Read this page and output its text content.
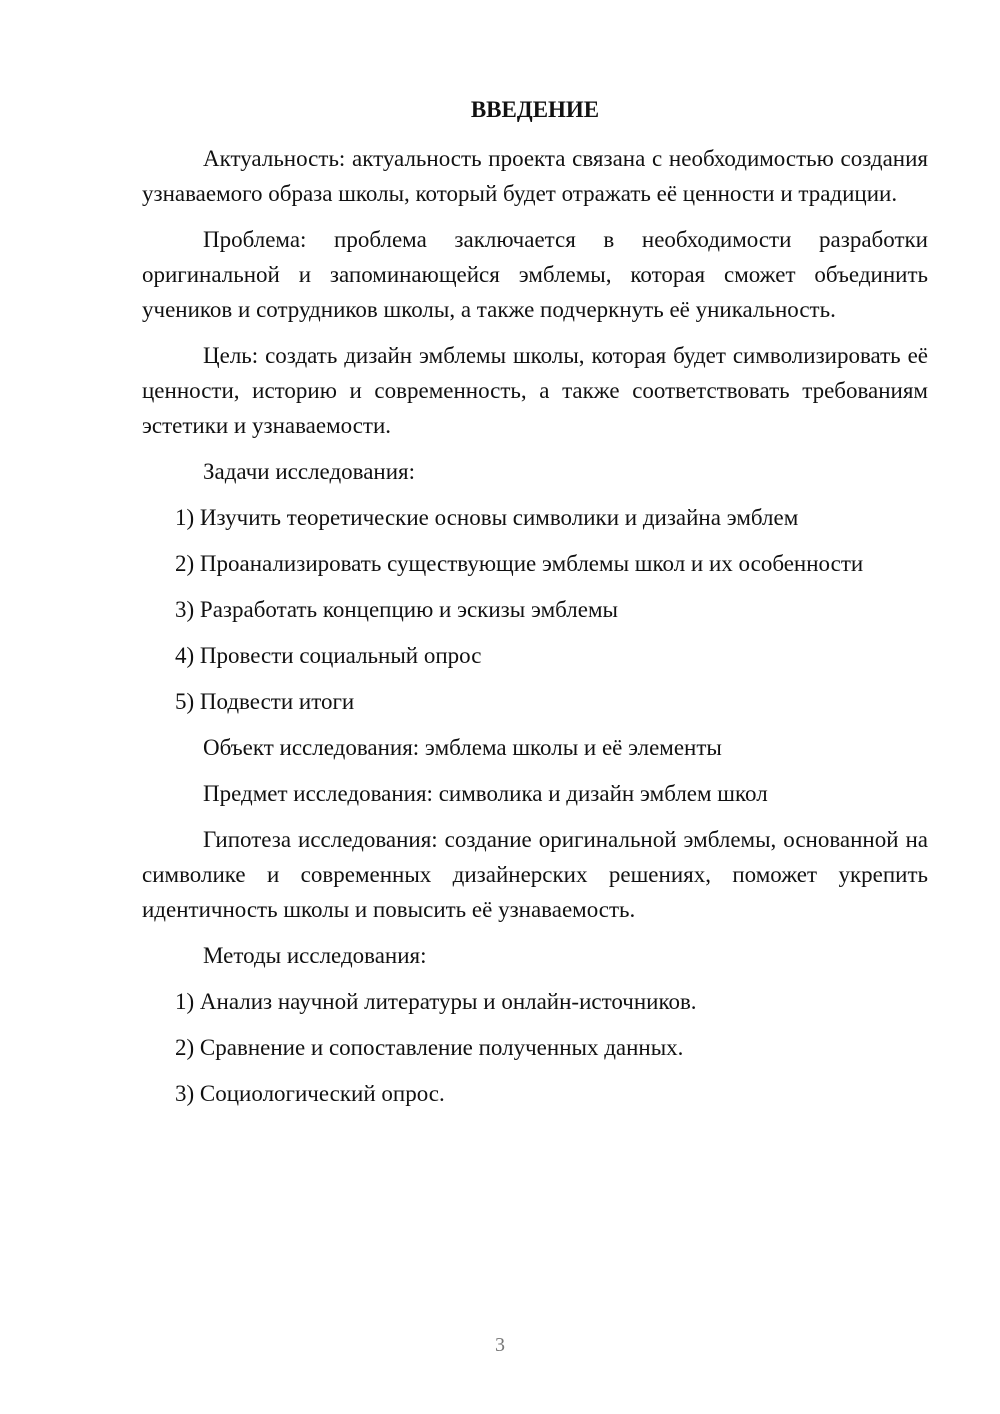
ВВЕДЕНИЕ

Актуальность: актуальность проекта связана с необходимостью создания узнаваемого образа школы, который будет отражать её ценности и традиции.

Проблема: проблема заключается в необходимости разработки оригинальной и запоминающейся эмблемы, которая сможет объединить учеников и сотрудников школы, а также подчеркнуть её уникальность.

Цель: создать дизайн эмблемы школы, которая будет символизировать её ценности, историю и современность, а также соответствовать требованиям эстетики и узнаваемости.

Задачи исследования:

1) Изучить теоретические основы символики и дизайна эмблем

2) Проанализировать существующие эмблемы школ и их особенности

3) Разработать концепцию и эскизы эмблемы

4) Провести социальный опрос

5) Подвести итоги

Объект исследования: эмблема школы и её элементы

Предмет исследования: символика и дизайн эмблем школ

Гипотеза исследования: создание оригинальной эмблемы, основанной на символике и современных дизайнерских решениях, поможет укрепить идентичность школы и повысить её узнаваемость.

Методы исследования:

1) Анализ научной литературы и онлайн-источников.

2) Сравнение и сопоставление полученных данных.

3) Социологический опрос.

3
